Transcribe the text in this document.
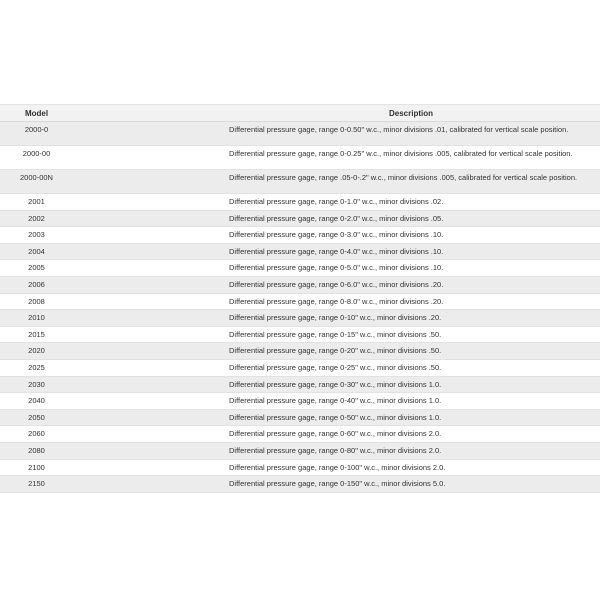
Model	Description
2000-0	Differential pressure gage, range 0-0.50" w.c., minor divisions .01, calibrated for vertical scale position.
2000-00	Differential pressure gage, range 0-0.25" w.c., minor divisions .005, calibrated for vertical scale position.
2000-00N	Differential pressure gage, range .05-0-.2" w.c., minor divisions .005, calibrated for vertical scale position.
2001	Differential pressure gage, range 0-1.0" w.c., minor divisions .02.
2002	Differential pressure gage, range 0-2.0" w.c., minor divisions .05.
2003	Differential pressure gage, range 0-3.0" w.c., minor divisions .10.
2004	Differential pressure gage, range 0-4.0" w.c., minor divisions .10.
2005	Differential pressure gage, range 0-5.0" w.c., minor divisions .10.
2006	Differential pressure gage, range 0-6.0" w.c., minor divisions .20.
2008	Differential pressure gage, range 0-8.0" w.c., minor divisions .20.
2010	Differential pressure gage, range 0-10" w.c., minor divisions .20.
2015	Differential pressure gage, range 0-15" w.c., minor divisions .50.
2020	Differential pressure gage, range 0-20" w.c., minor divisions .50.
2025	Differential pressure gage, range 0-25" w.c., minor divisions .50.
2030	Differential pressure gage, range 0-30" w.c., minor divisions 1.0.
2040	Differential pressure gage, range 0-40" w.c., minor divisions 1.0.
2050	Differential pressure gage, range 0-50" w.c., minor divisions 1.0.
2060	Differential pressure gage, range 0-60" w.c., minor divisions 2.0.
2080	Differential pressure gage, range 0-80" w.c., minor divisions 2.0.
2100	Differential pressure gage, range 0-100" w.c., minor divisions 2.0.
2150	Differential pressure gage, range 0-150" w.c., minor divisions 5.0.
